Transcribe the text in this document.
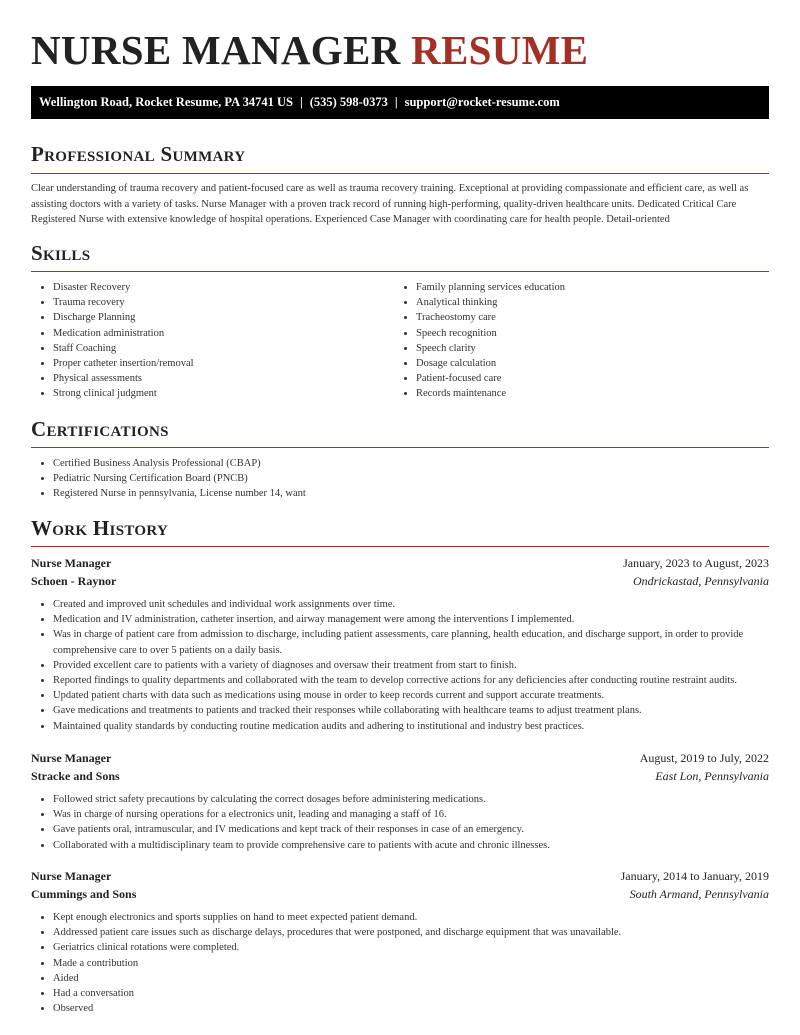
NURSE MANAGER RESUME
Wellington Road, Rocket Resume, PA 34741 US | (535) 598-0373 | support@rocket-resume.com
Professional Summary

Clear understanding of trauma recovery and patient-focused care as well as trauma recovery training. Exceptional at providing compassionate and efficient care, as well as assisting doctors with a variety of tasks. Nurse Manager with a proven track record of running high-performing, quality-driven healthcare units. Dedicated Critical Care Registered Nurse with extensive knowledge of hospital operations. Experienced Case Manager with coordinating care for health people. Detail-oriented

Skills
• Disaster Recovery
• Trauma recovery
• Discharge Planning
• Medication administration
• Staff Coaching
• Proper catheter insertion/removal
• Physical assessments
• Strong clinical judgment
• Family planning services education
• Analytical thinking
• Tracheostomy care
• Speech recognition
• Speech clarity
• Dosage calculation
• Patient-focused care
• Records maintenance
Certifications
• Certified Business Analysis Professional (CBAP)
• Pediatric Nursing Certification Board (PNCB)
• Registered Nurse in pennsylvania, License number 14, want
Work History
Nurse Manager	January, 2023 to August, 2023
Schoen - Raynor	Ondrickastad, Pennsylvania
• Created and improved unit schedules and individual work assignments over time.
• Medication and IV administration, catheter insertion, and airway management were among the interventions I implemented.
• Was in charge of patient care from admission to discharge, including patient assessments, care planning, health education, and discharge support, in order to provide comprehensive care to over 5 patients on a daily basis.
• Provided excellent care to patients with a variety of diagnoses and oversaw their treatment from start to finish.
• Reported findings to quality departments and collaborated with the team to develop corrective actions for any deficiencies after conducting routine restraint audits.
• Updated patient charts with data such as medications using mouse in order to keep records current and support accurate treatments.
• Gave medications and treatments to patients and tracked their responses while collaborating with healthcare teams to adjust treatment plans.
• Maintained quality standards by conducting routine medication audits and adhering to institutional and industry best practices.
Nurse Manager	August, 2019 to July, 2022
Stracke and Sons	East Lon, Pennsylvania
• Followed strict safety precautions by calculating the correct dosages before administering medications.
• Was in charge of nursing operations for a electronics unit, leading and managing a staff of 16.
• Gave patients oral, intramuscular, and IV medications and kept track of their responses in case of an emergency.
• Collaborated with a multidisciplinary team to provide comprehensive care to patients with acute and chronic illnesses.
Nurse Manager	January, 2014 to January, 2019
Cummings and Sons	South Armand, Pennsylvania
• Kept enough electronics and sports supplies on hand to meet expected patient demand.
• Addressed patient care issues such as discharge delays, procedures that were postponed, and discharge equipment that was unavailable.
• Geriatrics clinical rotations were completed.
• Made a contribution
• Aided
• Had a conversation
• Observed
